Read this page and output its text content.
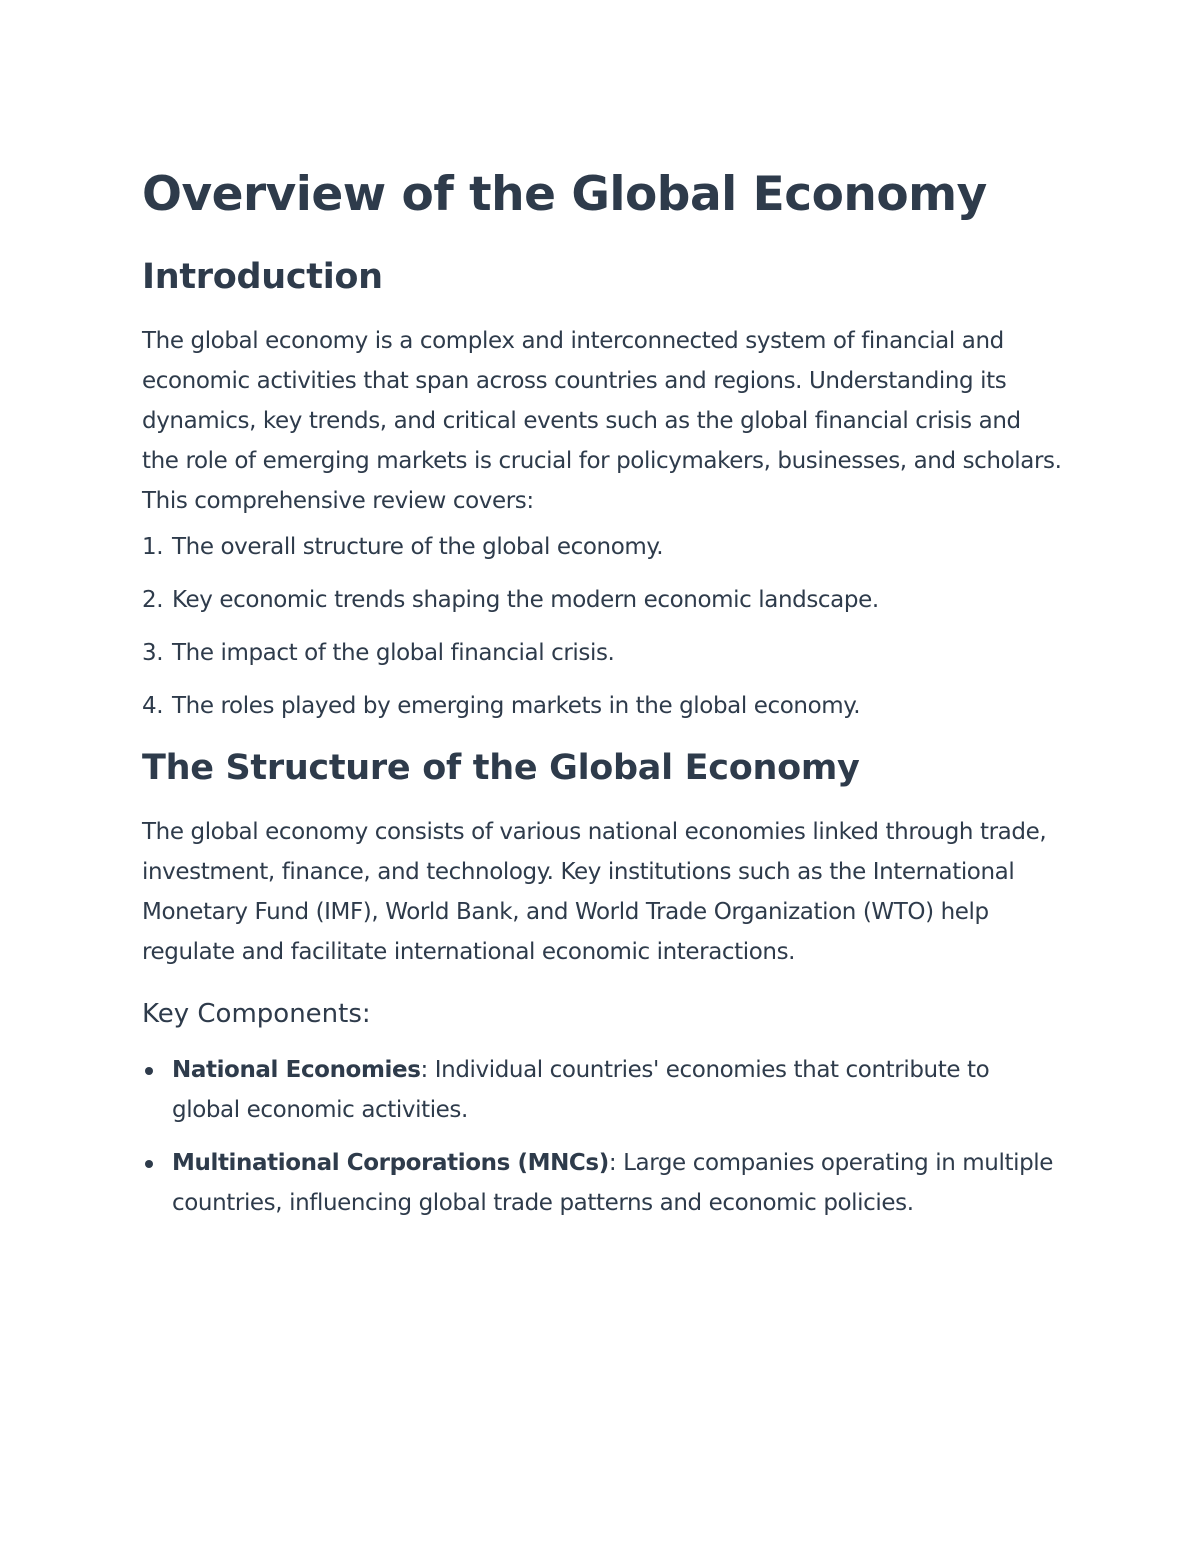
Overview of the Global Economy
Introduction

The global economy is a complex and interconnected system of financial and economic activities that span across countries and regions. Understanding its dynamics, key trends, and critical events such as the global financial crisis and the role of emerging markets is crucial for policymakers, businesses, and scholars. This comprehensive review covers:

1. The overall structure of the global economy.
2. Key economic trends shaping the modern economic landscape.
3. The impact of the global financial crisis.
4. The roles played by emerging markets in the global economy.
The Structure of the Global Economy

The global economy consists of various national economies linked through trade, investment, finance, and technology. Key institutions such as the International Monetary Fund (IMF), World Bank, and World Trade Organization (WTO) help regulate and facilitate international economic interactions.

Key Components:
National Economies: Individual countries' economies that contribute to global economic activities.
Multinational Corporations (MNCs): Large companies operating in multiple countries, influencing global trade patterns and economic policies.
